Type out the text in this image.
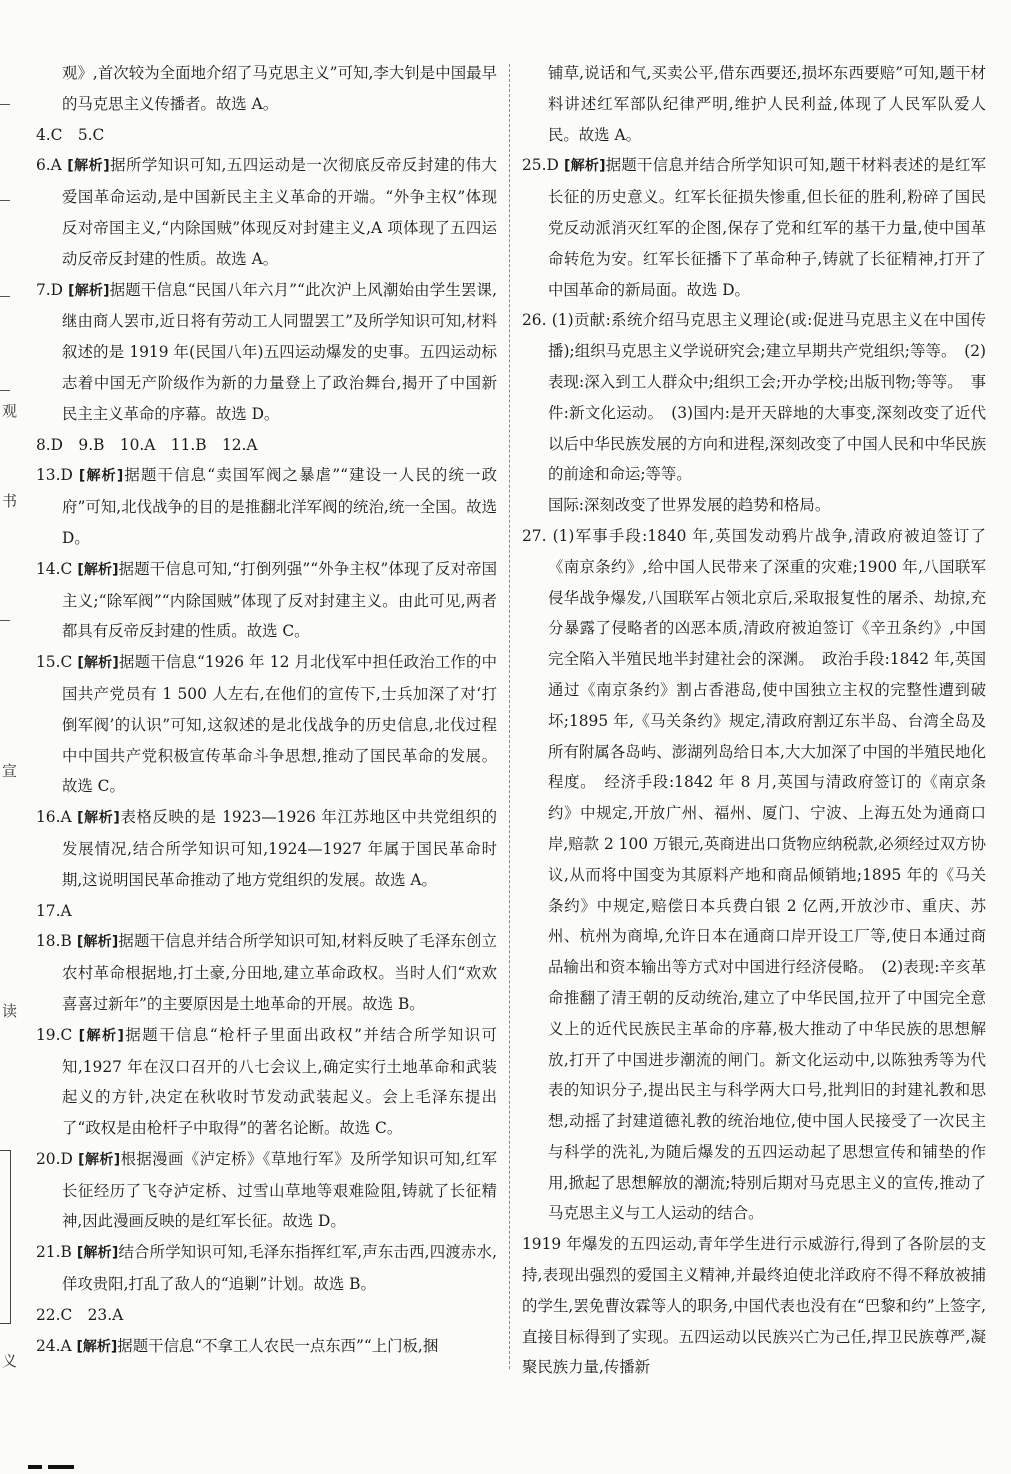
观
书
宣
读
义

观》,首次较为全面地介绍了马克思主义”可知,李大钊是中国最早的马克思主义传播者。故选 A。

4.C　5.C

6.A [解析]据所学知识可知,五四运动是一次彻底反帝反封建的伟大爱国革命运动,是中国新民主主义革命的开端。“外争主权”体现反对帝国主义,“内除国贼”体现反对封建主义,A 项体现了五四运动反帝反封建的性质。故选 A。

7.D [解析]据题干信息“民国八年六月”“此次沪上风潮始由学生罢课,继由商人罢市,近日将有劳动工人同盟罢工”及所学知识可知,材料叙述的是 1919 年(民国八年)五四运动爆发的史事。五四运动标志着中国无产阶级作为新的力量登上了政治舞台,揭开了中国新民主主义革命的序幕。故选 D。

8.D　9.B　10.A　11.B　12.A

13.D [解析]据题干信息“卖国军阀之暴虐”“建设一人民的统一政府”可知,北伐战争的目的是推翻北洋军阀的统治,统一全国。故选 D。

14.C [解析]据题干信息可知,“打倒列强”“外争主权”体现了反对帝国主义;“除军阀”“内除国贼”体现了反对封建主义。由此可见,两者都具有反帝反封建的性质。故选 C。

15.C [解析]据题干信息“1926 年 12 月北伐军中担任政治工作的中国共产党员有 1 500 人左右,在他们的宣传下,士兵加深了对‘打倒军阀’的认识”可知,这叙述的是北伐战争的历史信息,北伐过程中中国共产党积极宣传革命斗争思想,推动了国民革命的发展。故选 C。

16.A [解析]表格反映的是 1923—1926 年江苏地区中共党组织的发展情况,结合所学知识可知,1924—1927 年属于国民革命时期,这说明国民革命推动了地方党组织的发展。故选 A。

17.A

18.B [解析]据题干信息并结合所学知识可知,材料反映了毛泽东创立农村革命根据地,打土豪,分田地,建立革命政权。当时人们“欢欢喜喜过新年”的主要原因是土地革命的开展。故选 B。

19.C [解析]据题干信息“枪杆子里面出政权”并结合所学知识可知,1927 年在汉口召开的八七会议上,确定实行土地革命和武装起义的方针,决定在秋收时节发动武装起义。会上毛泽东提出了“政权是由枪杆子中取得”的著名论断。故选 C。

20.D [解析]根据漫画《泸定桥》《草地行军》及所学知识可知,红军长征经历了飞夺泸定桥、过雪山草地等艰难险阻,铸就了长征精神,因此漫画反映的是红军长征。故选 D。

21.B [解析]结合所学知识可知,毛泽东指挥红军,声东击西,四渡赤水,佯攻贵阳,打乱了敌人的“追剿”计划。故选 B。

22.C　23.A

24.A [解析]据题干信息“不拿工人农民一点东西”“上门板,捆

铺草,说话和气,买卖公平,借东西要还,损坏东西要赔”可知,题干材料讲述红军部队纪律严明,维护人民利益,体现了人民军队爱人民。故选 A。

25.D [解析]据题干信息并结合所学知识可知,题干材料表述的是红军长征的历史意义。红军长征损失惨重,但长征的胜利,粉碎了国民党反动派消灭红军的企图,保存了党和红军的基干力量,使中国革命转危为安。红军长征播下了革命种子,铸就了长征精神,打开了中国革命的新局面。故选 D。

26. (1)贡献:系统介绍马克思主义理论(或:促进马克思主义在中国传播);组织马克思主义学说研究会;建立早期共产党组织;等等。　(2)表现:深入到工人群众中;组织工会;开办学校;出版刊物;等等。　事件:新文化运动。　(3)国内:是开天辟地的大事变,深刻改变了近代以后中华民族发展的方向和进程,深刻改变了中国人民和中华民族的前途和命运;等等。

国际:深刻改变了世界发展的趋势和格局。

27. (1)军事手段:1840 年,英国发动鸦片战争,清政府被迫签订了《南京条约》,给中国人民带来了深重的灾难;1900 年,八国联军侵华战争爆发,八国联军占领北京后,采取报复性的屠杀、劫掠,充分暴露了侵略者的凶恶本质,清政府被迫签订《辛丑条约》,中国完全陷入半殖民地半封建社会的深渊。　政治手段:1842 年,英国通过《南京条约》割占香港岛,使中国独立主权的完整性遭到破坏;1895 年,《马关条约》规定,清政府割辽东半岛、台湾全岛及所有附属各岛屿、澎湖列岛给日本,大大加深了中国的半殖民地化程度。　经济手段:1842 年 8 月,英国与清政府签订的《南京条约》中规定,开放广州、福州、厦门、宁波、上海五处为通商口岸,赔款 2 100 万银元,英商进出口货物应纳税款,必须经过双方协议,从而将中国变为其原料产地和商品倾销地;1895 年的《马关条约》中规定,赔偿日本兵费白银 2 亿两,开放沙市、重庆、苏州、杭州为商埠,允许日本在通商口岸开设工厂等,使日本通过商品输出和资本输出等方式对中国进行经济侵略。　(2)表现:辛亥革命推翻了清王朝的反动统治,建立了中华民国,拉开了中国完全意义上的近代民族民主革命的序幕,极大推动了中华民族的思想解放,打开了中国进步潮流的闸门。新文化运动中,以陈独秀等为代表的知识分子,提出民主与科学两大口号,批判旧的封建礼教和思想,动摇了封建道德礼教的统治地位,使中国人民接受了一次民主与科学的洗礼,为随后爆发的五四运动起了思想宣传和铺垫的作用,掀起了思想解放的潮流;特别后期对马克思主义的宣传,推动了马克思主义与工人运动的结合。

1919 年爆发的五四运动,青年学生进行示威游行,得到了各阶层的支持,表现出强烈的爱国主义精神,并最终迫使北洋政府不得不释放被捕的学生,罢免曹汝霖等人的职务,中国代表也没有在“巴黎和约”上签字,直接目标得到了实现。五四运动以民族兴亡为己任,捍卫民族尊严,凝聚民族力量,传播新
